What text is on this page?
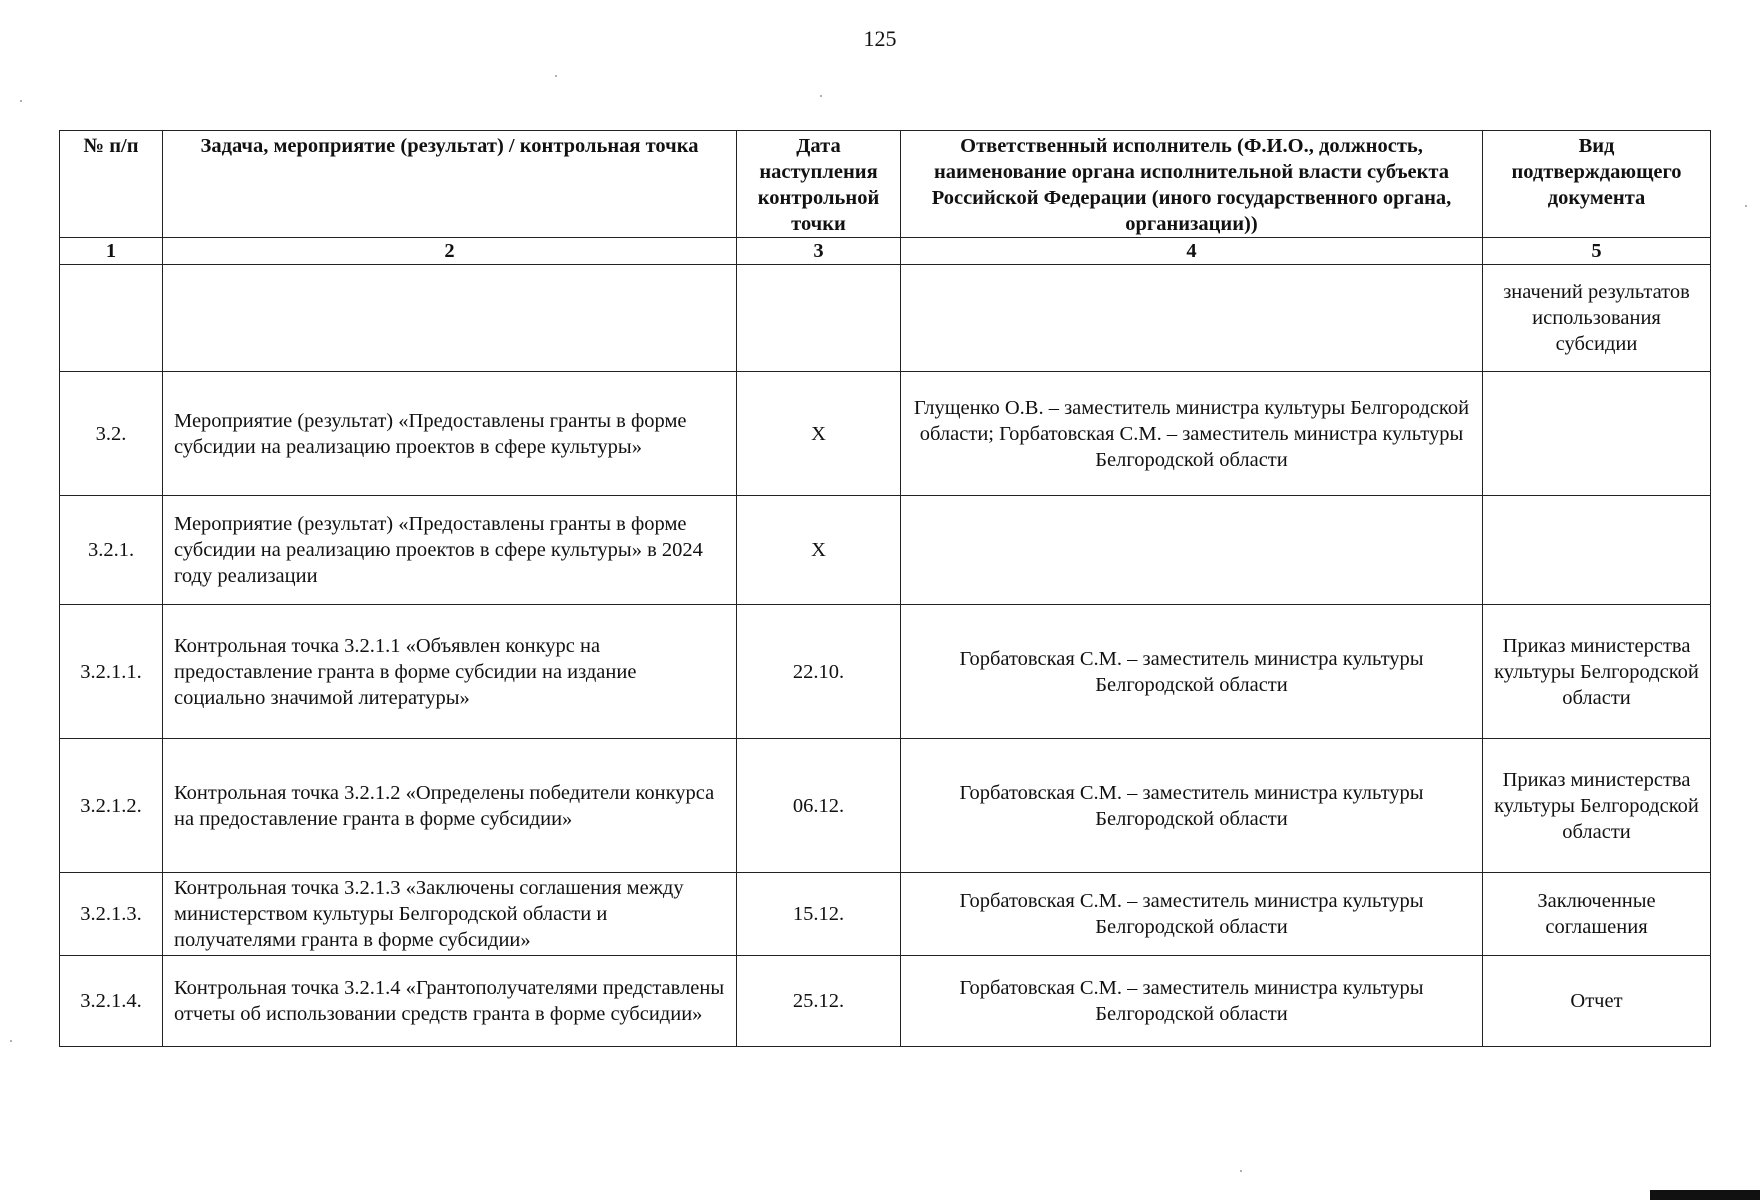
125
№ п/п	Задача, мероприятие (результат) / контрольная точка	Дата наступления контрольной точки	Ответственный исполнитель (Ф.И.О., должность, наименование органа исполнительной власти субъекта Российской Федерации (иного государственного органа, организации))	Вид подтверждающего документа
1	2	3	4	5
				значений результатов использования субсидии
3.2.	Мероприятие (результат) «Предоставлены гранты в форме субсидии на реализацию проектов в сфере культуры»	X	Глущенко О.В. – заместитель министра культуры Белгородской области; Горбатовская С.М. – заместитель министра культуры Белгородской области	
3.2.1.	Мероприятие (результат) «Предоставлены гранты в форме субсидии на реализацию проектов в сфере культуры» в 2024 году реализации	X		
3.2.1.1.	Контрольная точка 3.2.1.1 «Объявлен конкурс на предоставление гранта в форме субсидии на издание социально значимой литературы»	22.10.	Горбатовская С.М. – заместитель министра культуры Белгородской области	Приказ министерства культуры Белгородской области
3.2.1.2.	Контрольная точка 3.2.1.2 «Определены победители конкурса на предоставление гранта в форме субсидии»	06.12.	Горбатовская С.М. – заместитель министра культуры Белгородской области	Приказ министерства культуры Белгородской области
3.2.1.3.	Контрольная точка 3.2.1.3 «Заключены соглашения между министерством культуры Белгородской области и получателями гранта в форме субсидии»	15.12.	Горбатовская С.М. – заместитель министра культуры Белгородской области	Заключенные соглашения
3.2.1.4.	Контрольная точка 3.2.1.4 «Грантополучателями представлены отчеты об использовании средств гранта в форме субсидии»	25.12.	Горбатовская С.М. – заместитель министра культуры Белгородской области	Отчет
